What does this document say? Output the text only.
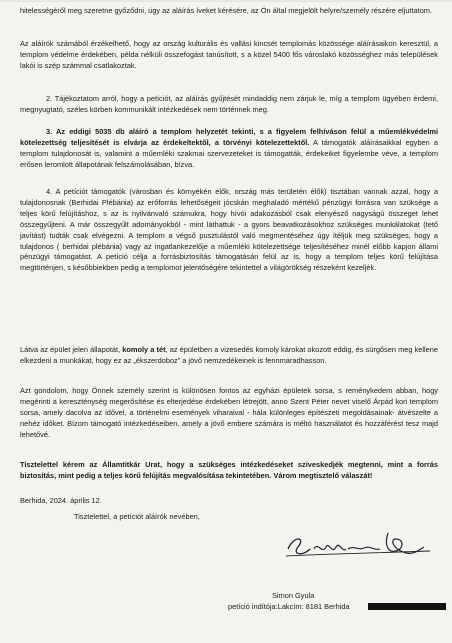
hitelességéről meg szeretne győződni, úgy az aláírás íveket kérésére, az Ön által megjelölt helyre/személy részére eljuttatom.

Az aláírók számából érzékelhető, hogy az ország kulturális és vallási kincsét templomás közössége aláírásaikon keresztül, a templom védelme érdekében, példa nélküli összefogást tanúsított, s a közel 5400 fős városlakó közösséghez más települések lakói is szép számmal csatlakoztak.

2. Tájékoztatom arról, hogy a petíciót, az aláírás gyűjtését mindaddig nem zárjuk le, míg a templom ügyében érdemi, megnyugtató, széles körben kommunikált intézkedések nem történnek meg.

3. Az eddigi 5035 db aláíró a templom helyzetét tekinti, s a figyelem felhíváson felül a műemlékvédelmi kötelezettség teljesítését is elvárja az érdekeltektől, a törvényi kötelezettektől. A támogatók aláírásaikkal egyben a templom tulajdonosát is, valamint a műemléki szakmai szervezeteket is támogatták, érdekeiket figyelembe véve, a templom erősen leromlott állapotának felszámolásában, bízva.

4. A petíciót támogatók (városban és környékén élők, ország más területén élők) tisztában vannak azzal, hogy a tulajdonosnak (Berhidai Plébánia) az erőforrás lehetőségeit jócskán meghaladó mértékű pénzügyi forrásra van szüksége a teljes körű felújításhoz, s az is nyilvánvaló számukra, hogy hívói adakozásból csak elenyésző nagyságú összeget lehet összegyűjteni. A már összegyűlt adományokból - mint láthattuk - a gyors beavatkozásokhoz szükséges munkálatokat (tető javítást) tudták csak elvégezni. A templom a végső pusztulástól való megmentéséhez úgy ítéljük meg szükséges, hogy a tulajdonos ( berhidai plébánia) vagy az ingatlankezelője a műemléki kötelezettsége teljesítéséhez minél előbb kapjon állami pénzügyi támogatást. A petíció célja a forrásbiztosítás támogatásán felül az is, hogy a templom teljes körű felújítása megtörténjen, s későbbiekben pedig a templomot jelentőségére tekintettel a világörökség részeként kezeljék.

Látva az épület jelen állapotát, komoly a tét, az épületben a vizesedés komoly károkat okozott eddig, és sürgősen meg kellene elkezdeni a munkákat, hogy ez az „ékszerdoboz” a jövő nemzedékeinek is fennmaradhasson.

Azt gondolom, hogy Önnek személy szerint is különösen fontos az egyházi épületek sorsa, s reménykedem abban, hogy megérinti a kereszténység megerősítése és elterjedése érdekében létrejött, anno Szent Péter nevet viselő Árpád kori templom sorsa, amely dacolva az idővel, a történelmi események viharaival - hála különleges építészeti megoldásainak- átvészelte a nehéz időket. Bízom támogató intézkedéseiben, amely a jövő embere számára is méltó használatot és hozzáférést tesz majd lehetővé.

Tisztelettel kérem az Államtitkár Urat, hogy a szükséges intézkedéseket szíveskedjék megtenni, mint a forrás biztosítás, mint pedig a teljes körű felújítás megvalósítása tekintetében. Várom megtisztelő válaszát!

Berhida, 2024. április 12.

Tisztelettel, a petíciót aláírók nevében,

Simon Gyula

petíció indítója:Lakcím: 8181 Berhida
